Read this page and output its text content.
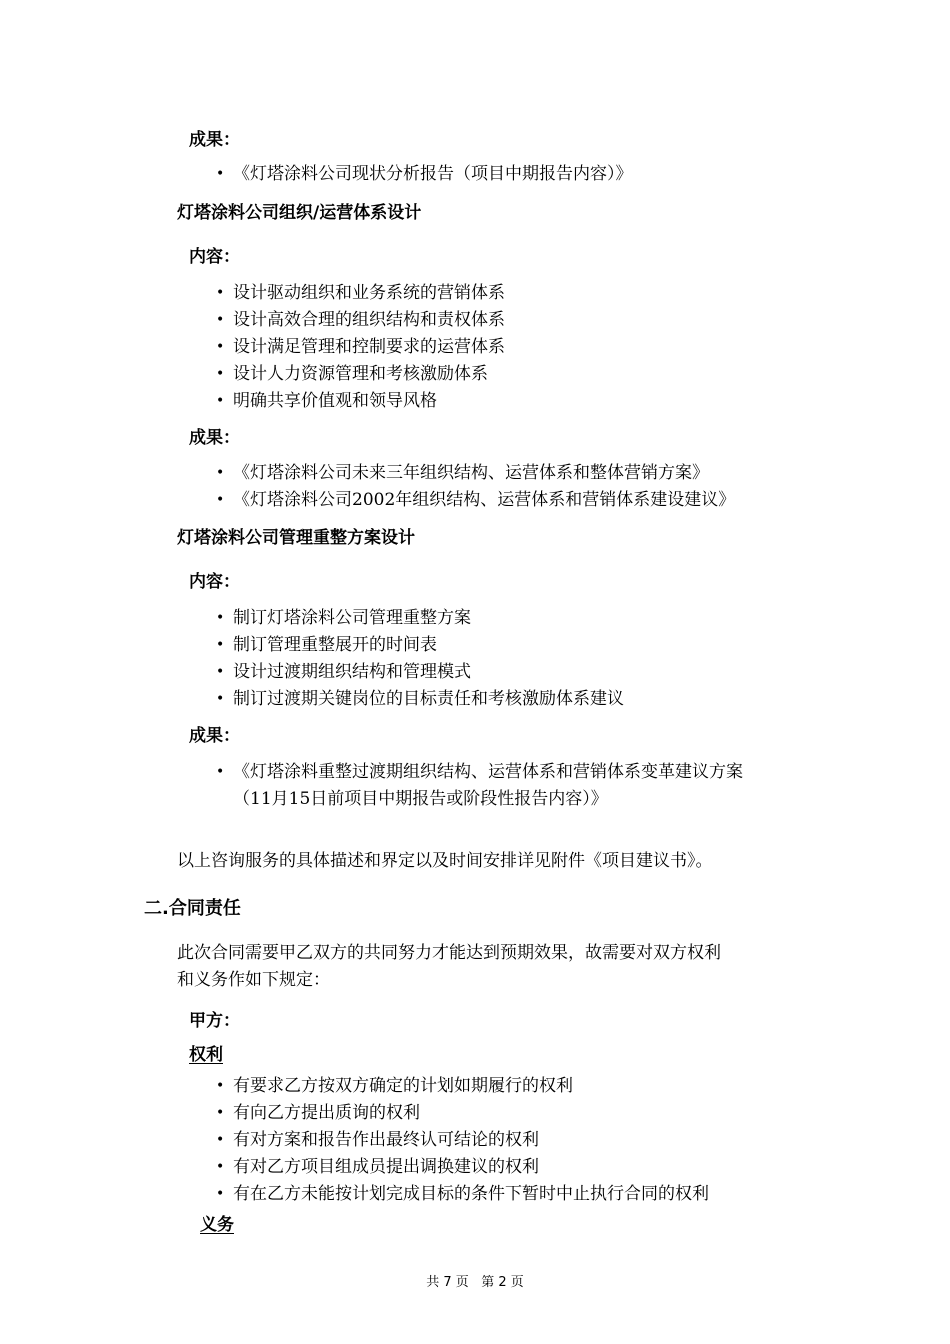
成果：
• 《灯塔涂料公司现状分析报告（项目中期报告内容）》
灯塔涂料公司组织/运营体系设计
内容：
• 设计驱动组织和业务系统的营销体系
• 设计高效合理的组织结构和责权体系
• 设计满足管理和控制要求的运营体系
• 设计人力资源管理和考核激励体系
• 明确共享价值观和领导风格
成果：
• 《灯塔涂料公司未来三年组织结构、运营体系和整体营销方案》
• 《灯塔涂料公司2002年组织结构、运营体系和营销体系建设建议》
灯塔涂料公司管理重整方案设计
内容：
• 制订灯塔涂料公司管理重整方案
• 制订管理重整展开的时间表
• 设计过渡期组织结构和管理模式
• 制订过渡期关键岗位的目标责任和考核激励体系建议
成果：
• 《灯塔涂料重整过渡期组织结构、运营体系和营销体系变革建议方案
（11月15日前项目中期报告或阶段性报告内容）》
以上咨询服务的具体描述和界定以及时间安排详见附件《项目建议书》。
二.合同责任
此次合同需要甲乙双方的共同努力才能达到预期效果，故需要对双方权利
和义务作如下规定：
甲方：
权利
• 有要求乙方按双方确定的计划如期履行的权利
• 有向乙方提出质询的权利
• 有对方案和报告作出最终认可结论的权利
• 有对乙方项目组成员提出调换建议的权利
• 有在乙方未能按计划完成目标的条件下暂时中止执行合同的权利
义务
共 7 页   第 2 页
